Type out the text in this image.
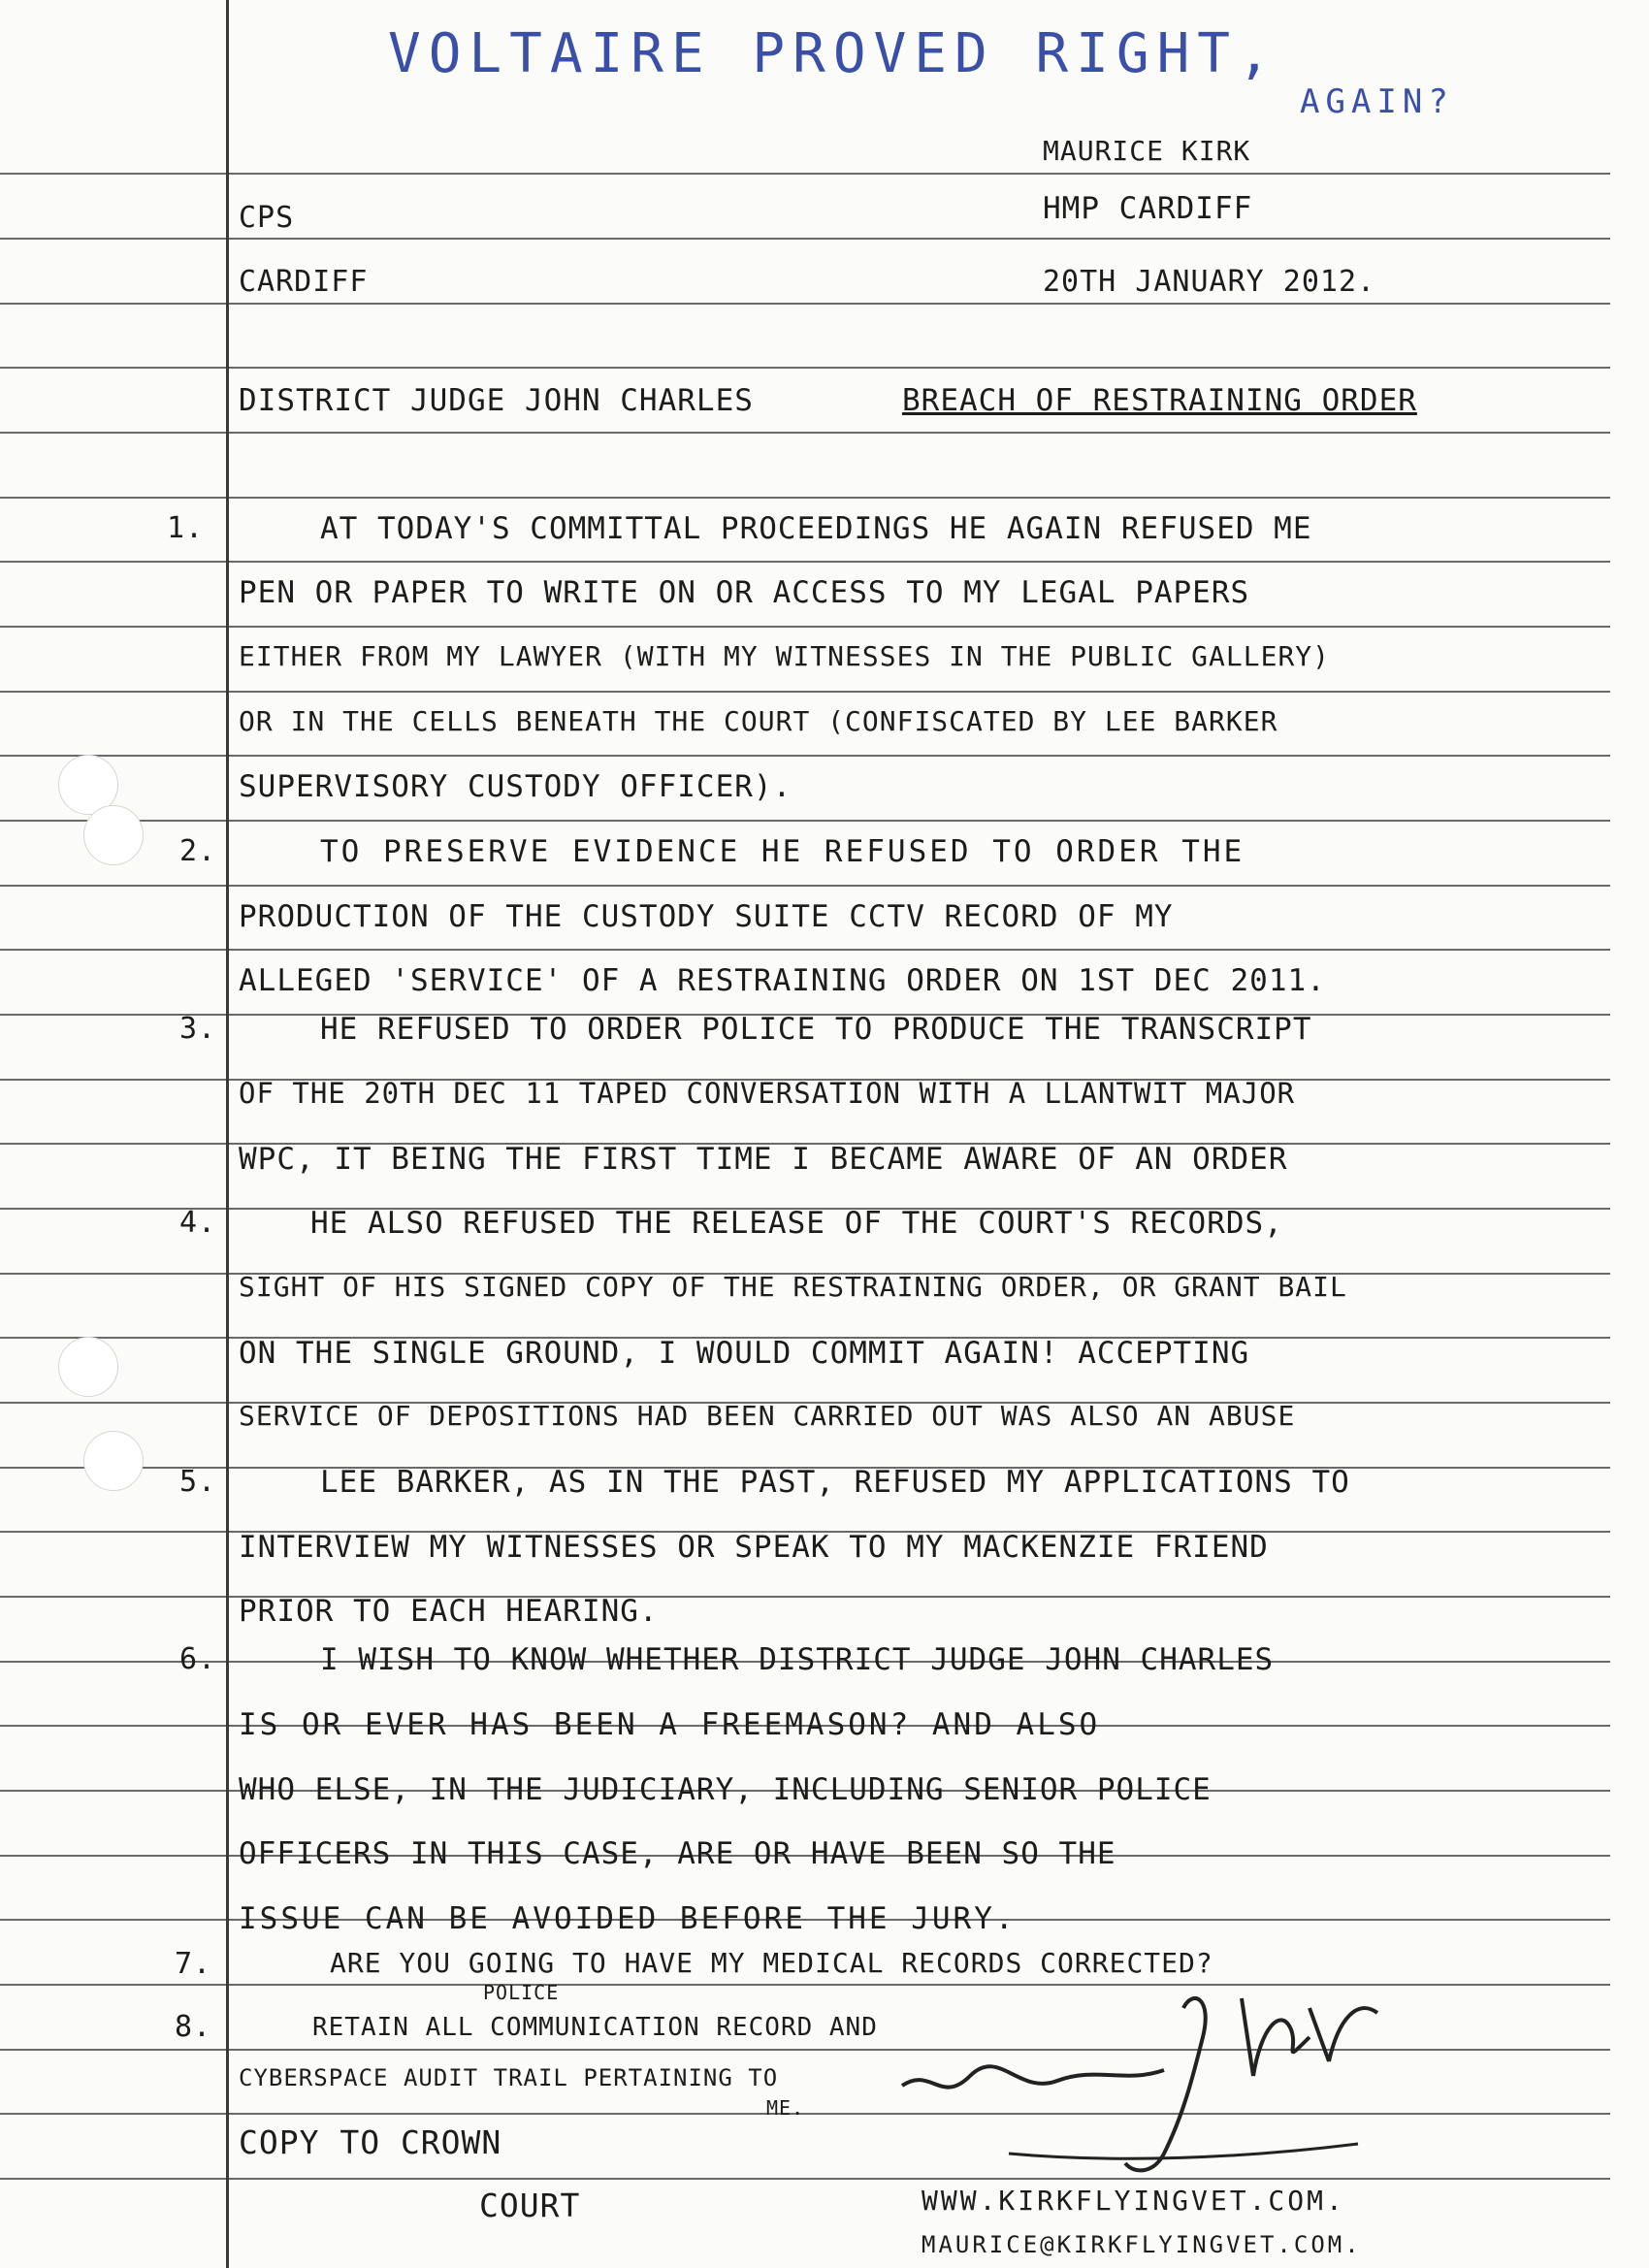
VOLTAIRE PROVED RIGHT,
AGAIN?
MAURICE KIRK
HMP CARDIFF
20TH JANUARY 2012.
CPS
CARDIFF
DISTRICT JUDGE JOHN CHARLES	BREACH OF RESTRAINING ORDER
1.	AT TODAY'S COMMITTAL PROCEEDINGS HE AGAIN REFUSED ME
PEN OR PAPER TO WRITE ON OR ACCESS TO MY LEGAL PAPERS
EITHER FROM MY LAWYER (WITH MY WITNESSES IN THE PUBLIC GALLERY)
OR IN THE CELLS BENEATH THE COURT (CONFISCATED BY LEE BARKER
SUPERVISORY CUSTODY OFFICER).
2.	TO PRESERVE EVIDENCE HE REFUSED TO ORDER THE
PRODUCTION OF THE CUSTODY SUITE CCTV RECORD OF MY
ALLEGED 'SERVICE' OF A RESTRAINING ORDER ON 1ST DEC 2011.
3.	HE REFUSED TO ORDER POLICE TO PRODUCE THE TRANSCRIPT
OF THE 20TH DEC 11 TAPED CONVERSATION WITH A LLANTWIT MAJOR
WPC, IT BEING THE FIRST TIME I BECAME AWARE OF AN ORDER
4.	HE ALSO REFUSED THE RELEASE OF THE COURT'S RECORDS,
SIGHT OF HIS SIGNED COPY OF THE RESTRAINING ORDER, OR GRANT BAIL
ON THE SINGLE GROUND, I WOULD COMMIT AGAIN! ACCEPTING
SERVICE OF DEPOSITIONS HAD BEEN CARRIED OUT WAS ALSO AN ABUSE
5.	LEE BARKER, AS IN THE PAST, REFUSED MY APPLICATIONS TO
INTERVIEW MY WITNESSES OR SPEAK TO MY MACKENZIE FRIEND
PRIOR TO EACH HEARING.
6.	I WISH TO KNOW WHETHER DISTRICT JUDGE JOHN CHARLES
IS OR EVER HAS BEEN A FREEMASON? AND ALSO
WHO ELSE, IN THE JUDICIARY, INCLUDING SENIOR POLICE
OFFICERS IN THIS CASE, ARE OR HAVE BEEN SO THE
ISSUE CAN BE AVOIDED BEFORE THE JURY.
7.	ARE YOU GOING TO HAVE MY MEDICAL RECORDS CORRECTED?
8.
POLICE
RETAIN ALL COMMUNICATION RECORD AND
CYBERSPACE AUDIT TRAIL PERTAINING TO
ME.
COPY TO CROWN
COURT	WWW.KIRKFLYINGVET.COM.
MAURICE@KIRKFLYINGVET.COM.
